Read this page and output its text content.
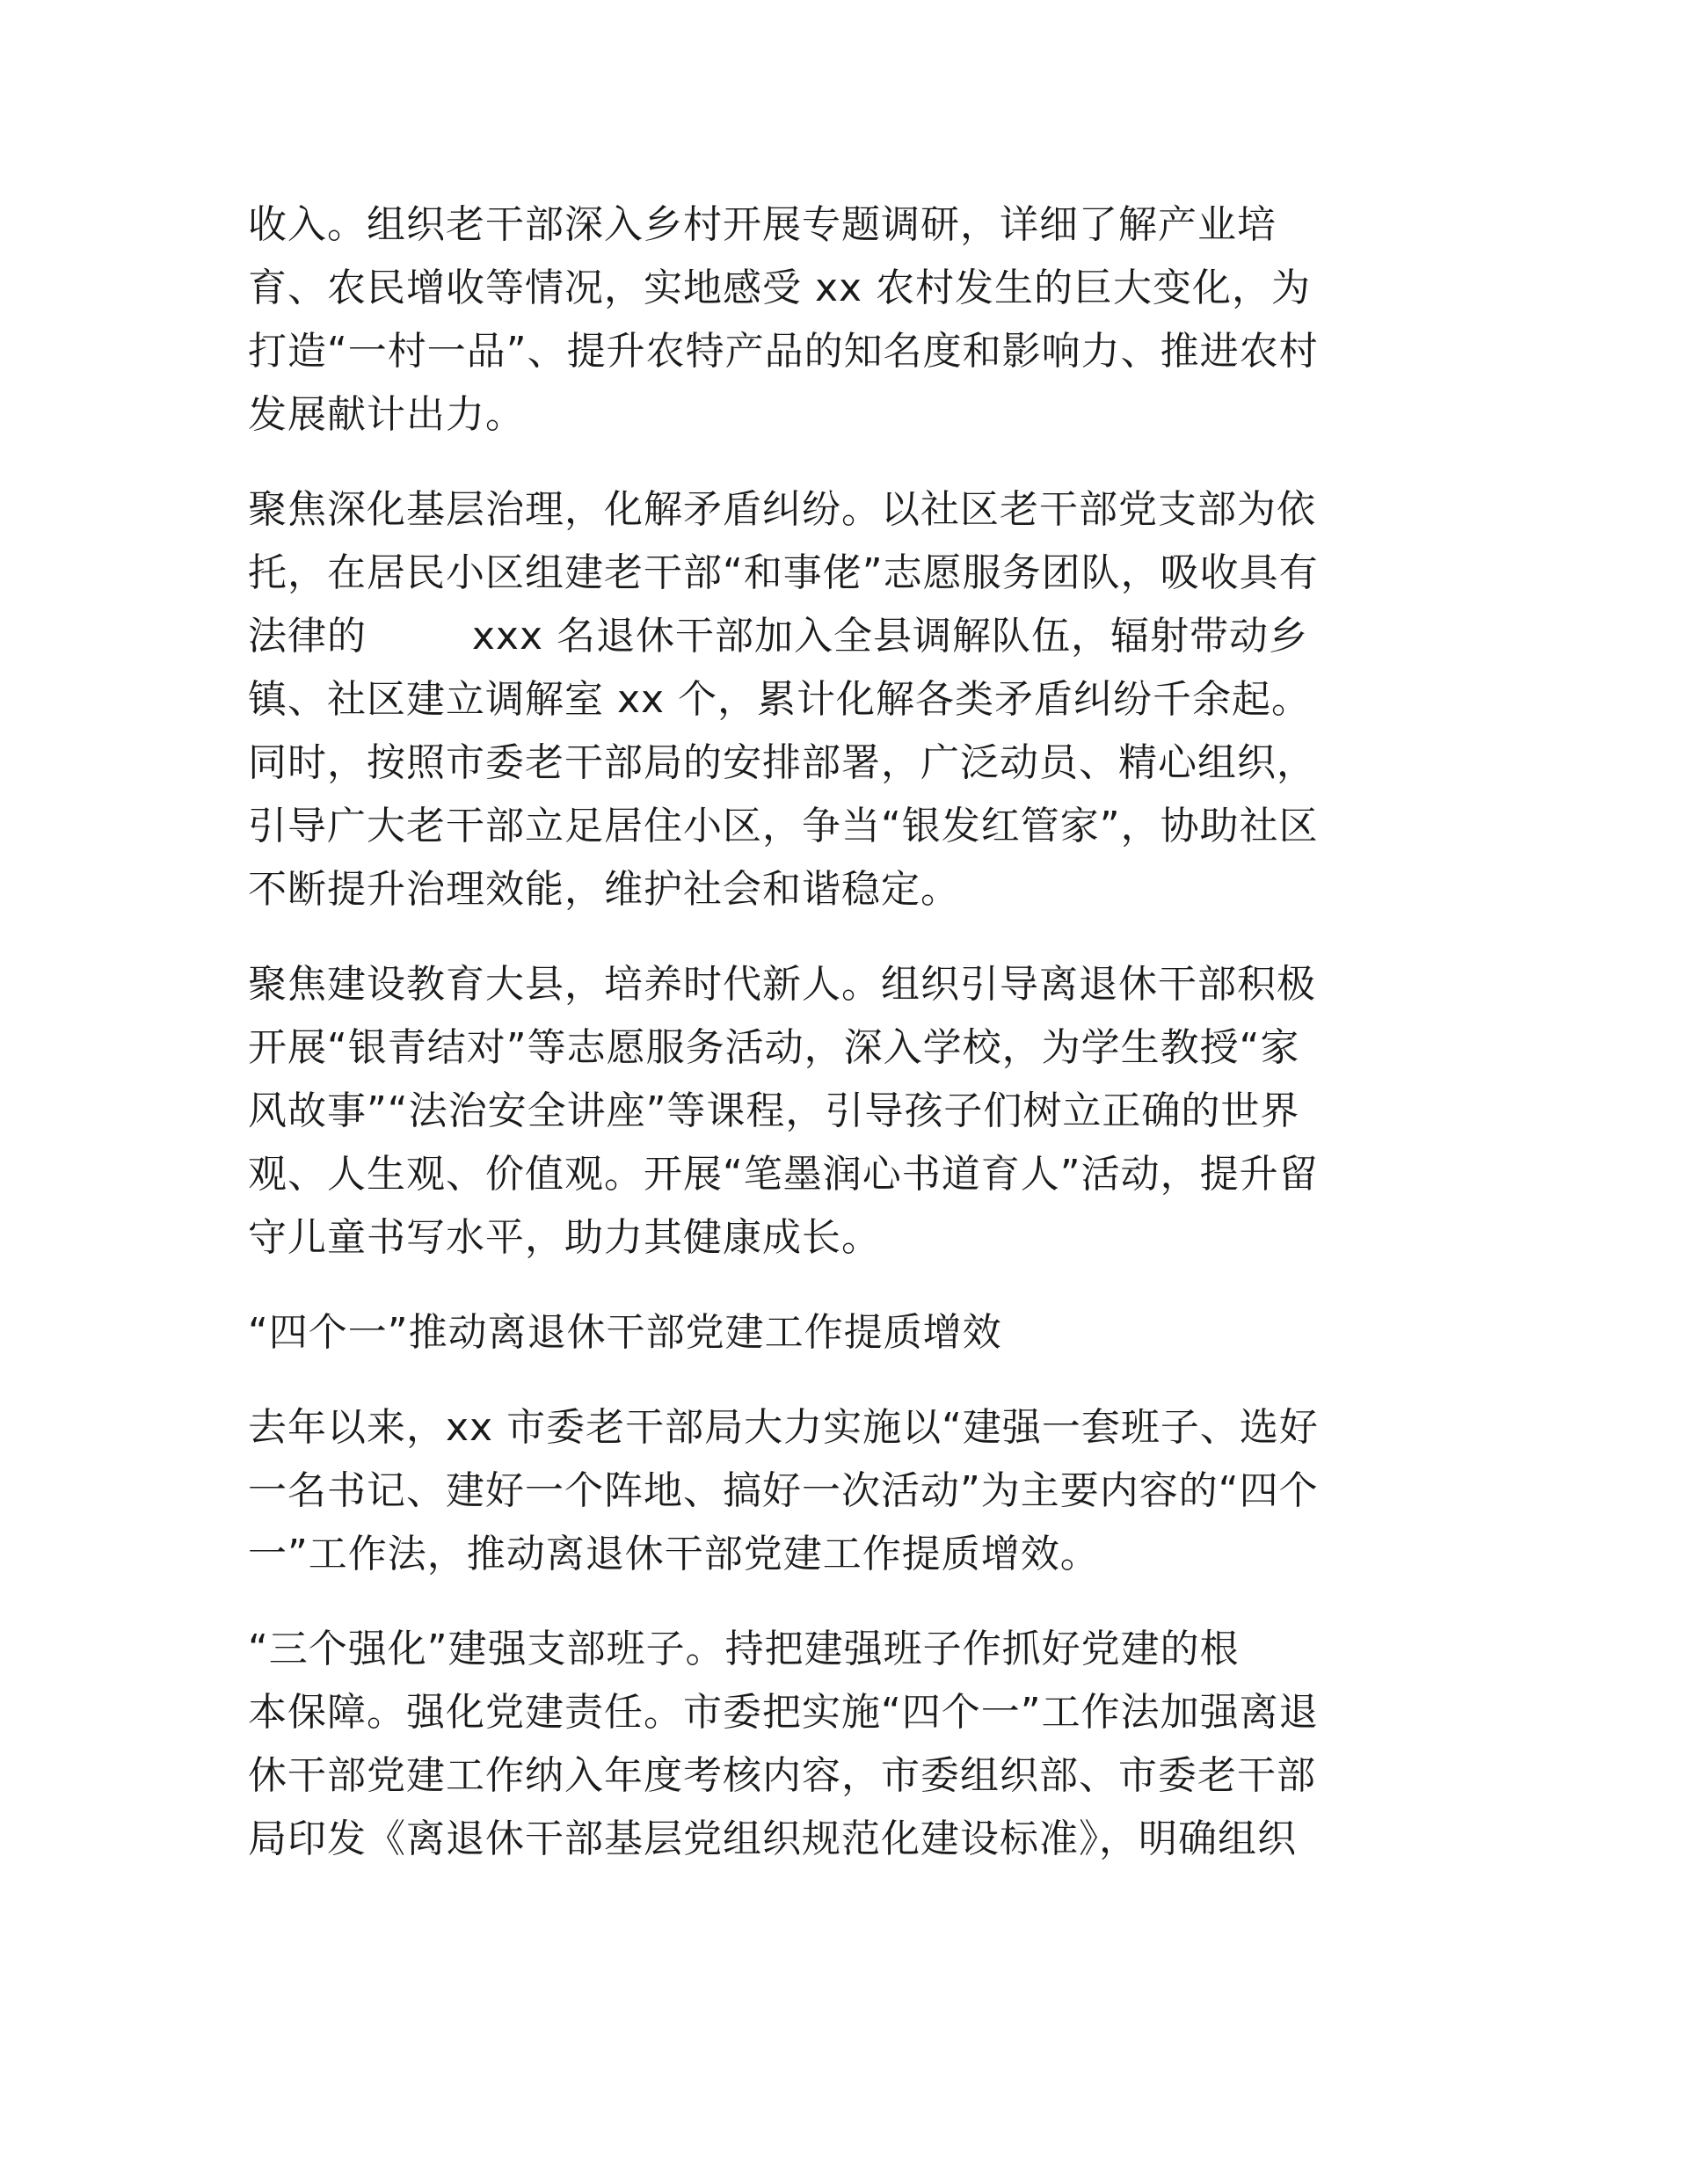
收入。组织老干部深入乡村开展专题调研，详细了解产业培
育、农民增收等情况，实地感受 xx 农村发生的巨大变化，为
打造“一村一品”、提升农特产品的知名度和影响力、推进农村
发展献计出力。
聚焦深化基层治理，化解矛盾纠纷。以社区老干部党支部为依
托，在居民小区组建老干部“和事佬”志愿服务团队，吸收具有
法律的        xxx 名退休干部加入全县调解队伍，辐射带动乡
镇、社区建立调解室 xx 个，累计化解各类矛盾纠纷千余起。
同时，按照市委老干部局的安排部署，广泛动员、精心组织，
引导广大老干部立足居住小区，争当“银发红管家”，协助社区
不断提升治理效能，维护社会和谐稳定。
聚焦建设教育大县，培养时代新人。组织引导离退休干部积极
开展“银青结对”等志愿服务活动，深入学校，为学生教授“家
风故事”“法治安全讲座”等课程，引导孩子们树立正确的世界
观、人生观、价值观。开展“笔墨润心书道育人”活动，提升留
守儿童书写水平，助力其健康成长。
“四个一”推动离退休干部党建工作提质增效
去年以来，xx 市委老干部局大力实施以“建强一套班子、选好
一名书记、建好一个阵地、搞好一次活动”为主要内容的“四个
一”工作法，推动离退休干部党建工作提质增效。
“三个强化”建强支部班子。持把建强班子作抓好党建的根
本保障。强化党建责任。市委把实施“四个一”工作法加强离退
休干部党建工作纳入年度考核内容，市委组织部、市委老干部
局印发《离退休干部基层党组织规范化建设标准》，明确组织
